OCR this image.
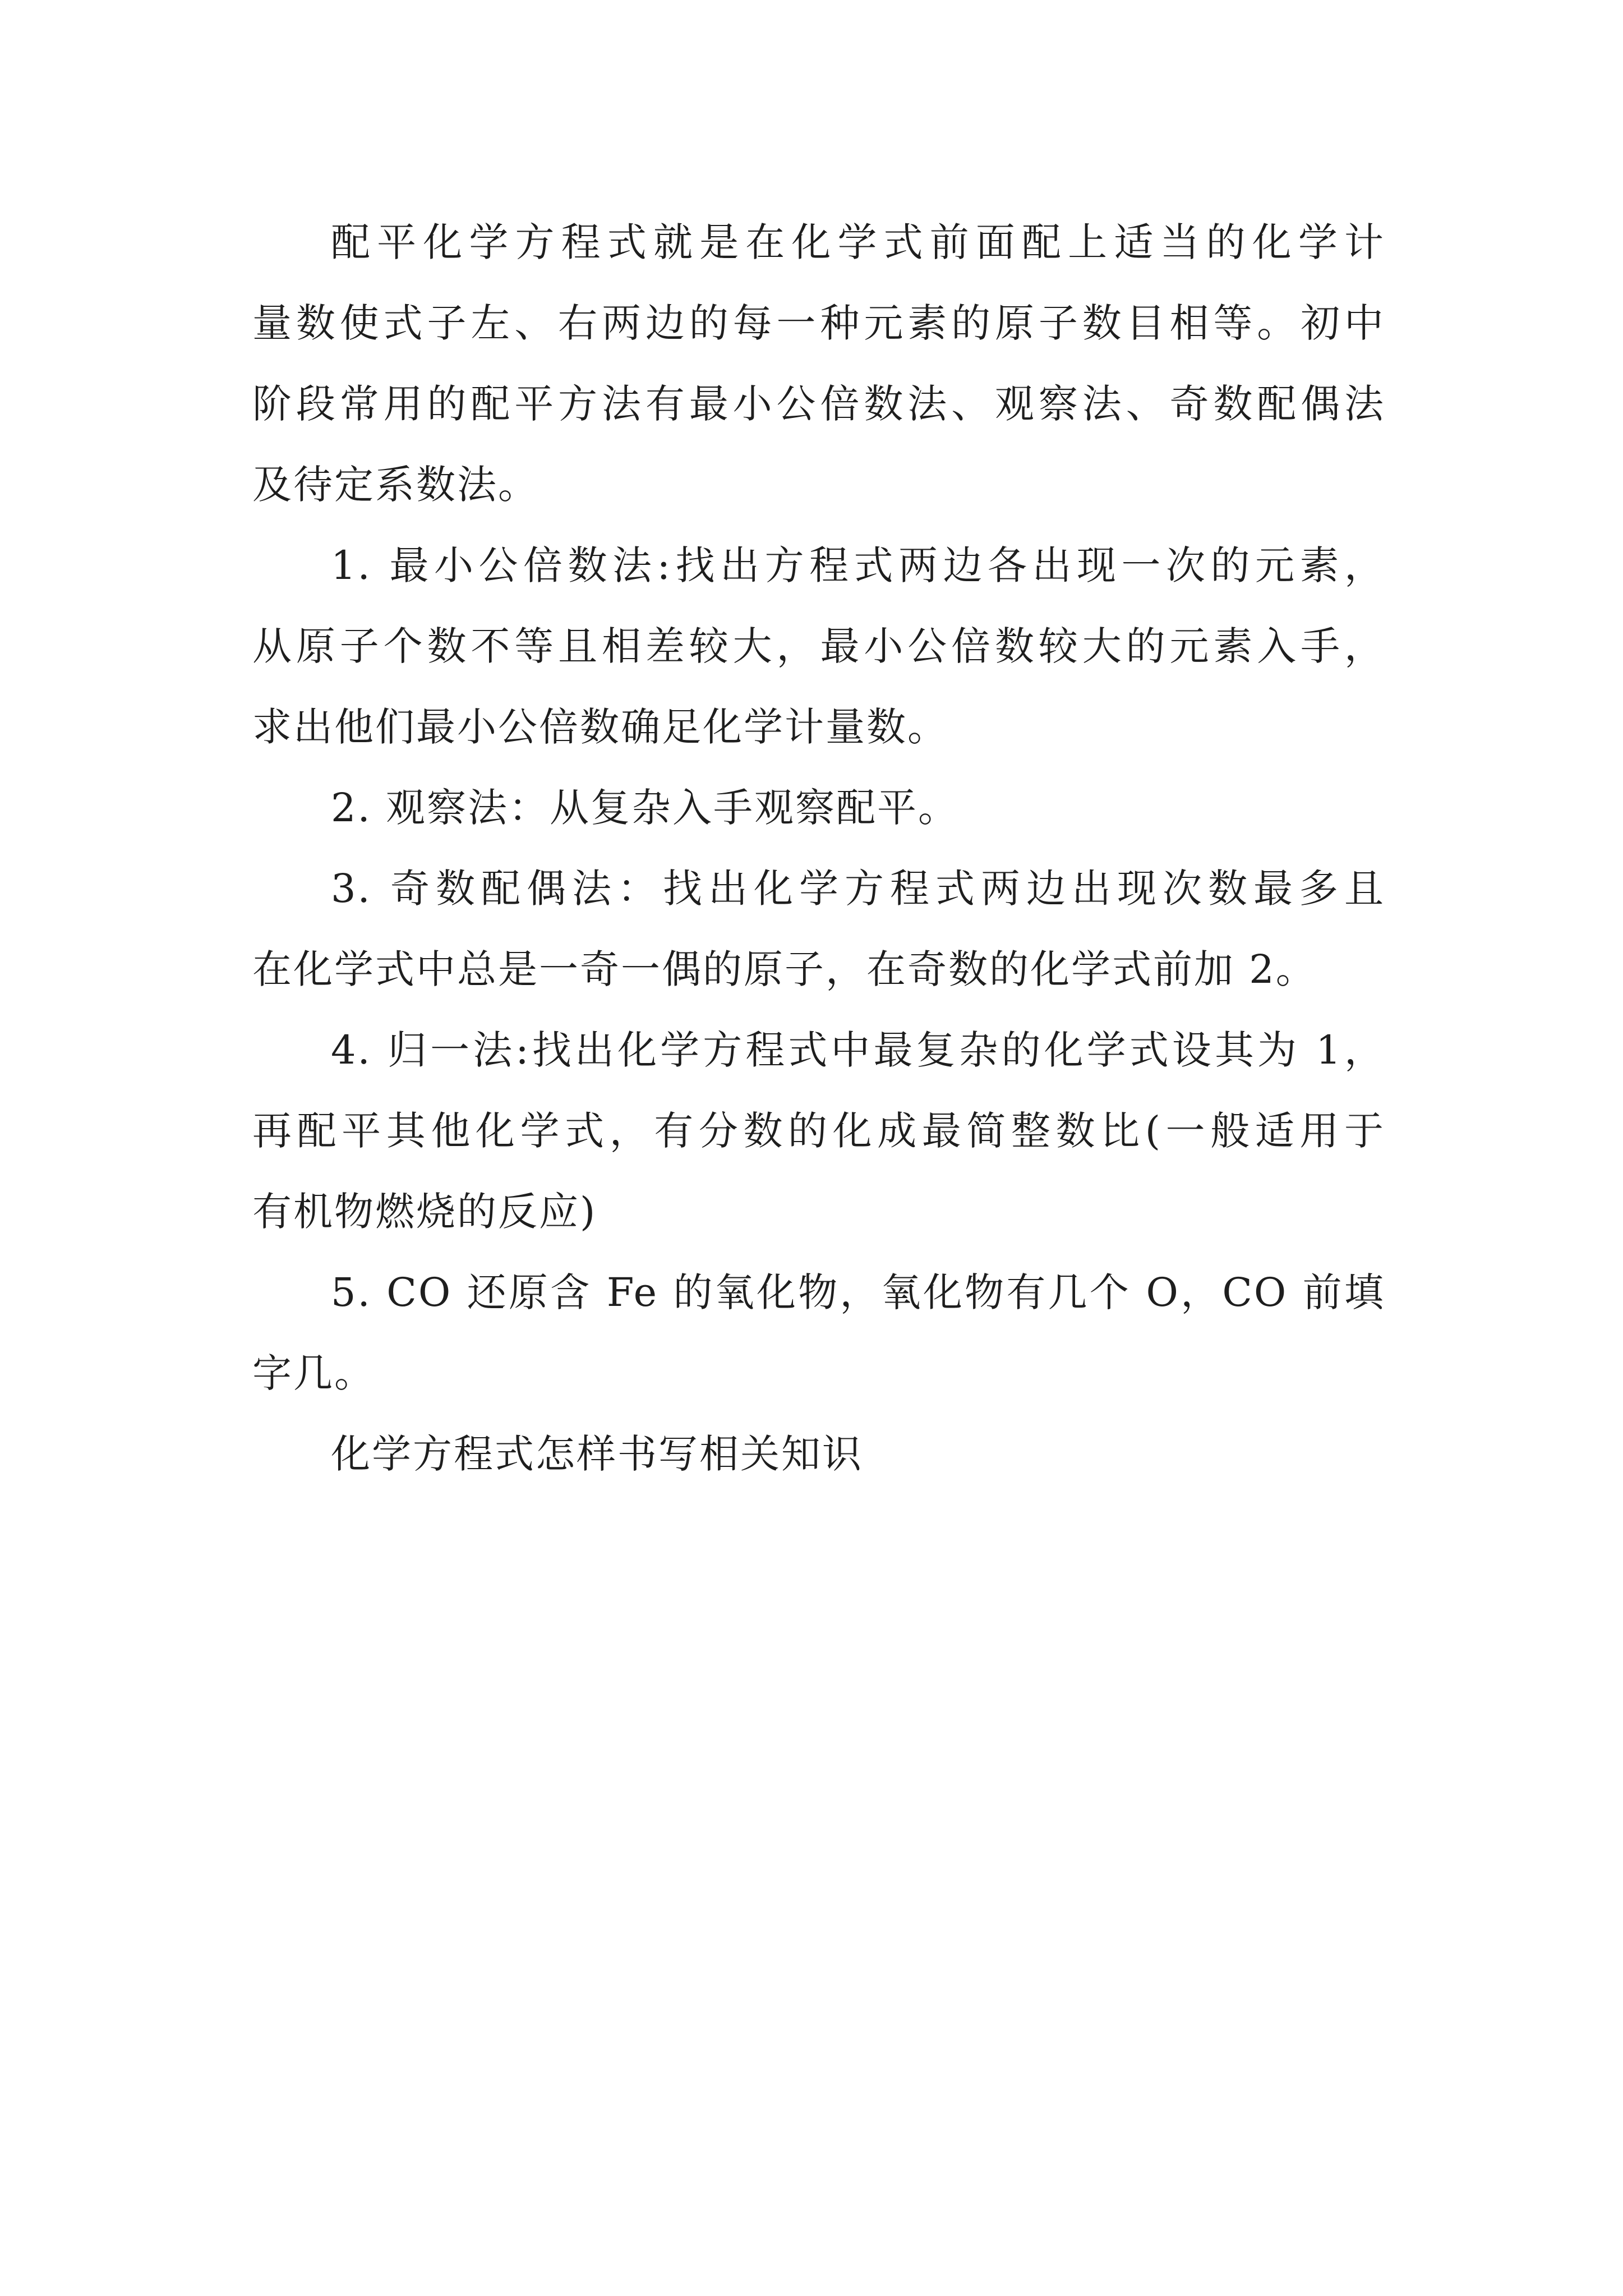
配平化学方程式就是在化学式前面配上适当的化学计
量数使式子左、右两边的每一种元素的原子数目相等。初中
阶段常用的配平方法有最小公倍数法、观察法、奇数配偶法
及待定系数法。
1. 最小公倍数法:找出方程式两边各出现一次的元素，
从原子个数不等且相差较大，最小公倍数较大的元素入手，
求出他们最小公倍数确足化学计量数。
2. 观察法：从复杂入手观察配平。
3. 奇数配偶法：找出化学方程式两边出现次数最多且
在化学式中总是一奇一偶的原子，在奇数的化学式前加 2。
4. 归一法:找出化学方程式中最复杂的化学式设其为 1，
再配平其他化学式，有分数的化成最简整数比(一般适用于
有机物燃烧的反应)
5. CO 还原含 Fe 的氧化物，氧化物有几个 O，CO 前填
字几。
化学方程式怎样书写相关知识
